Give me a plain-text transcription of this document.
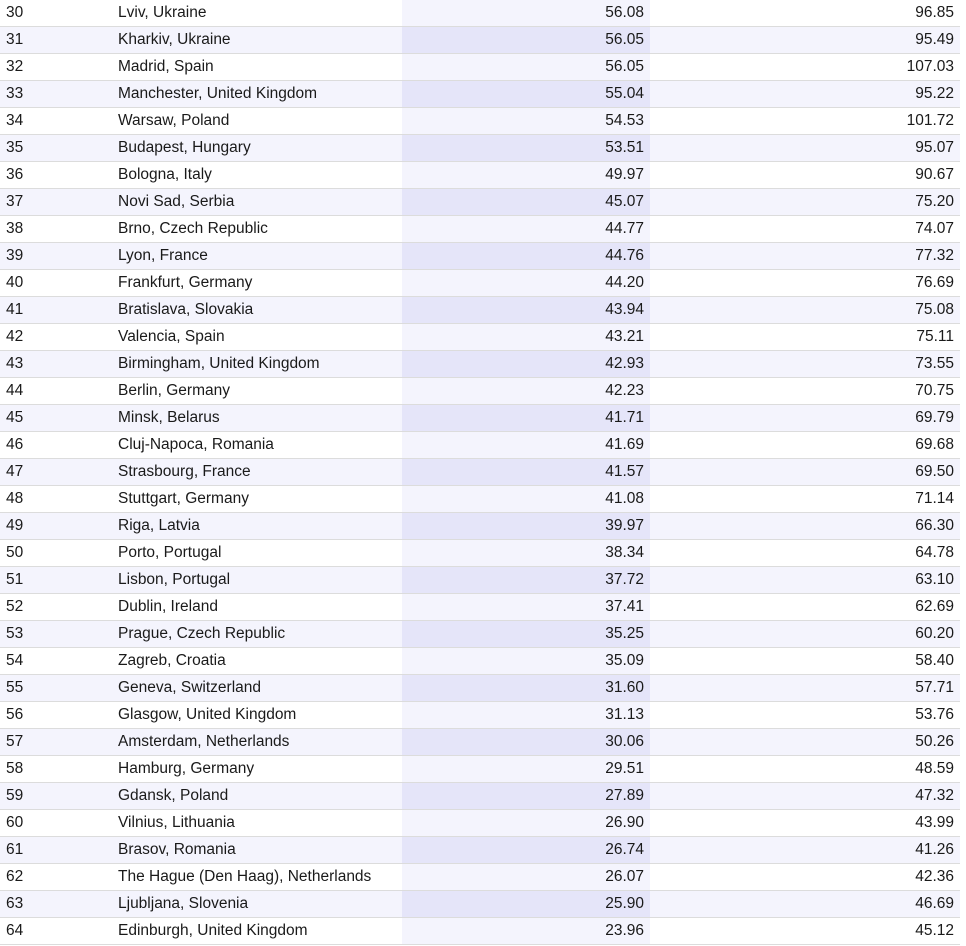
30	Lviv, Ukraine	56.08	96.85
31	Kharkiv, Ukraine	56.05	95.49
32	Madrid, Spain	56.05	107.03
33	Manchester, United Kingdom	55.04	95.22
34	Warsaw, Poland	54.53	101.72
35	Budapest, Hungary	53.51	95.07
36	Bologna, Italy	49.97	90.67
37	Novi Sad, Serbia	45.07	75.20
38	Brno, Czech Republic	44.77	74.07
39	Lyon, France	44.76	77.32
40	Frankfurt, Germany	44.20	76.69
41	Bratislava, Slovakia	43.94	75.08
42	Valencia, Spain	43.21	75.11
43	Birmingham, United Kingdom	42.93	73.55
44	Berlin, Germany	42.23	70.75
45	Minsk, Belarus	41.71	69.79
46	Cluj-Napoca, Romania	41.69	69.68
47	Strasbourg, France	41.57	69.50
48	Stuttgart, Germany	41.08	71.14
49	Riga, Latvia	39.97	66.30
50	Porto, Portugal	38.34	64.78
51	Lisbon, Portugal	37.72	63.10
52	Dublin, Ireland	37.41	62.69
53	Prague, Czech Republic	35.25	60.20
54	Zagreb, Croatia	35.09	58.40
55	Geneva, Switzerland	31.60	57.71
56	Glasgow, United Kingdom	31.13	53.76
57	Amsterdam, Netherlands	30.06	50.26
58	Hamburg, Germany	29.51	48.59
59	Gdansk, Poland	27.89	47.32
60	Vilnius, Lithuania	26.90	43.99
61	Brasov, Romania	26.74	41.26
62	The Hague (Den Haag), Netherlands	26.07	42.36
63	Ljubljana, Slovenia	25.90	46.69
64	Edinburgh, United Kingdom	23.96	45.12
